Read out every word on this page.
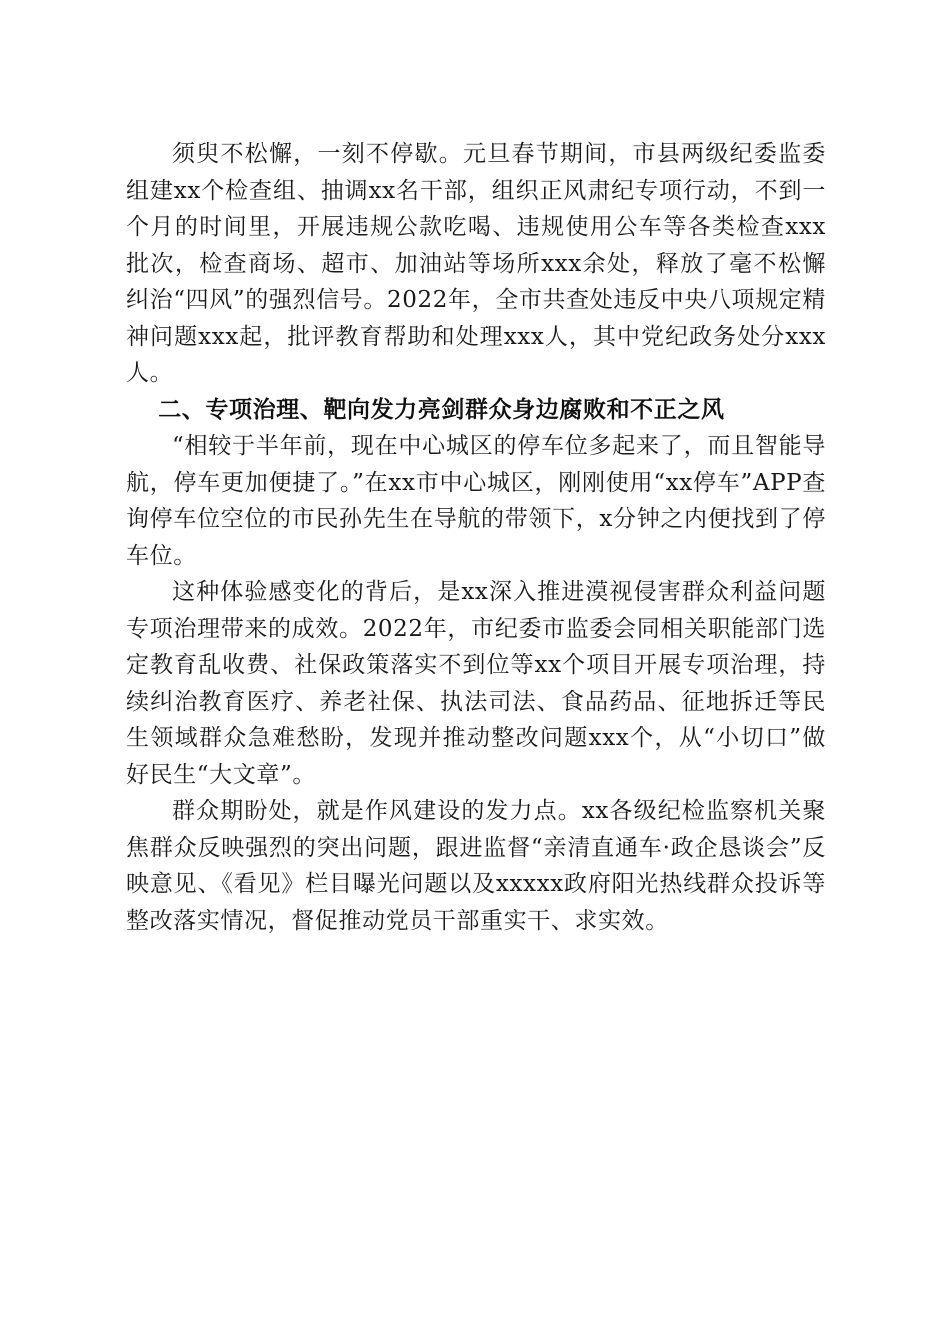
须臾不松懈，一刻不停歇。元旦春节期间，市县两级纪委监委组建xx个检查组、抽调xx名干部，组织正风肃纪专项行动，不到一个月的时间里，开展违规公款吃喝、违规使用公车等各类检查xxx批次，检查商场、超市、加油站等场所xxx余处，释放了毫不松懈纠治“四风”的强烈信号。2022年，全市共查处违反中央八项规定精神问题xxx起，批评教育帮助和处理xxx人，其中党纪政务处分xxx人。

二、专项治理、靶向发力亮剑群众身边腐败和不正之风

“相较于半年前，现在中心城区的停车位多起来了，而且智能导航，停车更加便捷了。”在xx市中心城区，刚刚使用“xx停车”APP查询停车位空位的市民孙先生在导航的带领下，x分钟之内便找到了停车位。

这种体验感变化的背后，是xx深入推进漠视侵害群众利益问题专项治理带来的成效。2022年，市纪委市监委会同相关职能部门选定教育乱收费、社保政策落实不到位等xx个项目开展专项治理，持续纠治教育医疗、养老社保、执法司法、食品药品、征地拆迁等民生领域群众急难愁盼，发现并推动整改问题xxx个，从“小切口”做好民生“大文章”。

群众期盼处，就是作风建设的发力点。xx各级纪检监察机关聚焦群众反映强烈的突出问题，跟进监督“亲清直通车·政企恳谈会”反映意见、《看见》栏目曝光问题以及xxxxx政府阳光热线群众投诉等整改落实情况，督促推动党员干部重实干、求实效。
